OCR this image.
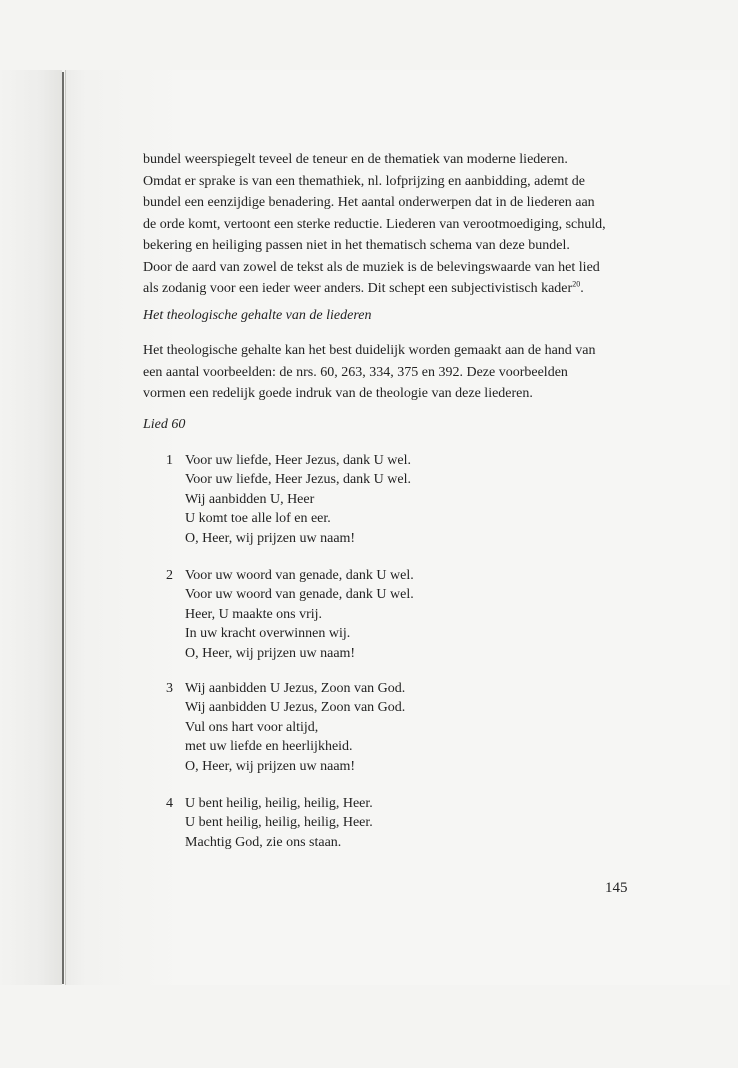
bundel weerspiegelt teveel de teneur en de thematiek van moderne liederen.
Omdat er sprake is van een themathiek, nl. lofprijzing en aanbidding, ademt de
bundel een eenzijdige benadering. Het aantal onderwerpen dat in de liederen aan
de orde komt, vertoont een sterke reductie. Liederen van verootmoediging, schuld,
bekering en heiliging passen niet in het thematisch schema van deze bundel.
Door de aard van zowel de tekst als de muziek is de belevingswaarde van het lied
als zodanig voor een ieder weer anders. Dit schept een subjectivistisch kader$^{20}$.
Het theologische gehalte van de liederen
Het theologische gehalte kan het best duidelijk worden gemaakt aan de hand van
een aantal voorbeelden: de nrs. 60, 263, 334, 375 en 392. Deze voorbeelden
vormen een redelijk goede indruk van de theologie van deze liederen.
Lied 60
1 Voor uw liefde, Heer Jezus, dank U wel.
Voor uw liefde, Heer Jezus, dank U wel.
Wij aanbidden U, Heer
U komt toe alle lof en eer.
O, Heer, wij prijzen uw naam!
2 Voor uw woord van genade, dank U wel.
Voor uw woord van genade, dank U wel.
Heer, U maakte ons vrij.
In uw kracht overwinnen wij.
O, Heer, wij prijzen uw naam!
3 Wij aanbidden U Jezus, Zoon van God.
Wij aanbidden U Jezus, Zoon van God.
Vul ons hart voor altijd,
met uw liefde en heerlijkheid.
O, Heer, wij prijzen uw naam!
4 U bent heilig, heilig, heilig, Heer.
U bent heilig, heilig, heilig, Heer.
Machtig God, zie ons staan.
145
